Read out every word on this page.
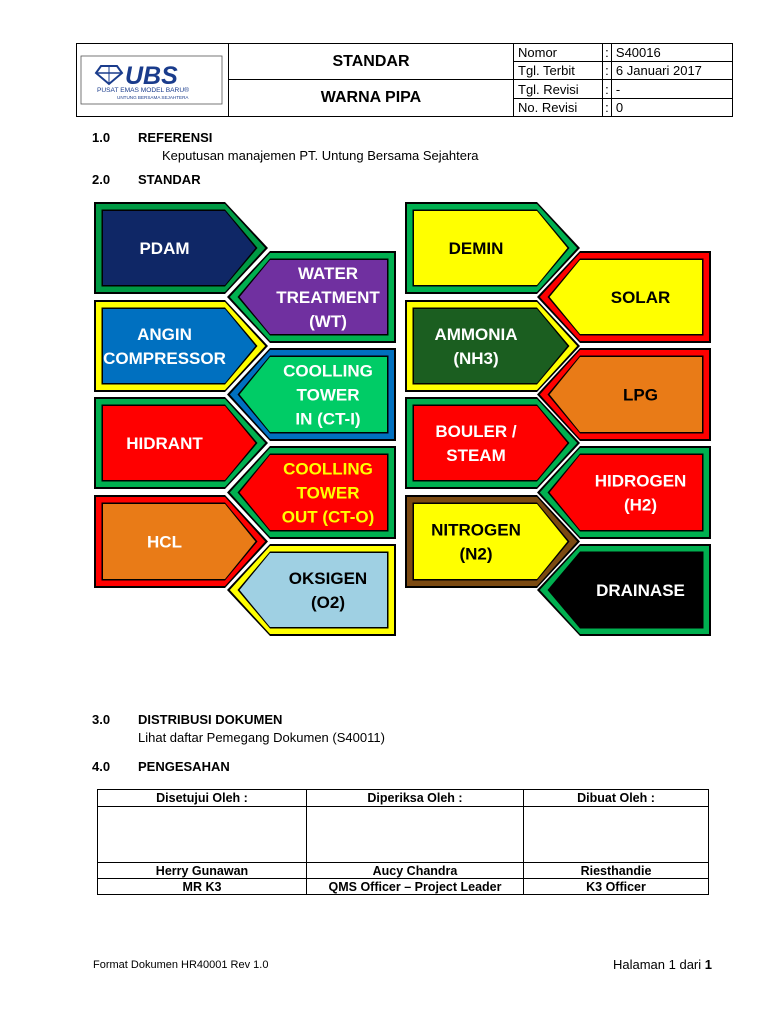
UBS
PUSAT EMAS MODEL BARU®
UNTUNG BERSAMA SEJAHTERA
STANDAR
WARNA PIPA
Nomor	:	S40016
Tgl. Terbit	:	6 Januari 2017
Tgl. Revisi	:	-
No. Revisi	:	0
1.0 REFERENSI
Keputusan manajemen PT. Untung Bersama Sejahtera
2.0 STANDAR
PDAM
WATER
TREATMENT
(WT)
ANGIN
COMPRESSOR
COOLLING
TOWER
IN (CT-I)
HIDRANT
COOLLING
TOWER
OUT (CT-O)
HCL
OKSIGEN
(O2)
DEMIN
SOLAR
AMMONIA
(NH3)
LPG
BOULER /
STEAM
HIDROGEN
(H2)
NITROGEN
(N2)
DRAINASE
3.0 DISTRIBUSI DOKUMEN
Lihat daftar Pemegang Dokumen (S40011)
4.0 PENGESAHAN
Disetujui Oleh :	Diperiksa Oleh :	Dibuat Oleh :

Herry Gunawan	Aucy Chandra	Riesthandie
MR K3	QMS Officer – Project Leader	K3 Officer
Format Dokumen HR40001 Rev 1.0	Halaman 1 dari 1
